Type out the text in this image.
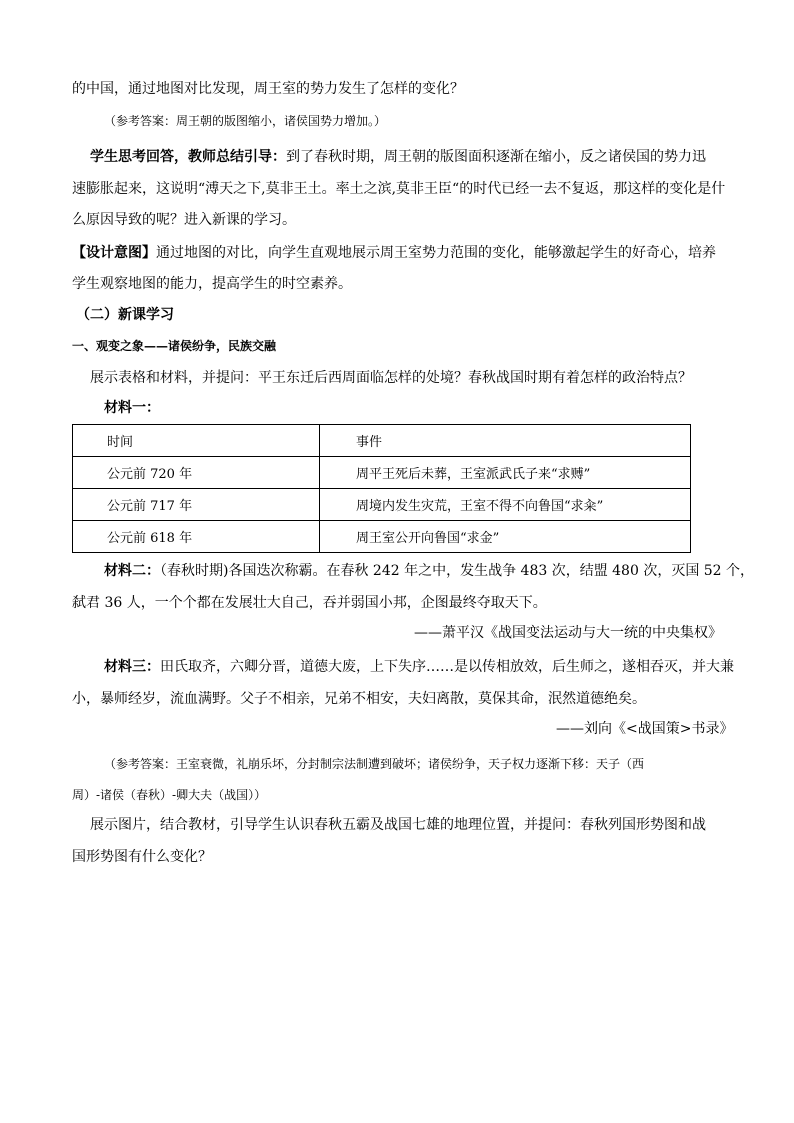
的中国，通过地图对比发现，周王室的势力发生了怎样的变化？
（参考答案：周王朝的版图缩小，诸侯国势力增加。）
学生思考回答，教师总结引导：到了春秋时期，周王朝的版图面积逐渐在缩小，反之诸侯国的势力迅
速膨胀起来，这说明“溥天之下,莫非王土。率土之滨,莫非王臣“的时代已经一去不复返，那这样的变化是什
么原因导致的呢？进入新课的学习。
【设计意图】通过地图的对比，向学生直观地展示周王室势力范围的变化，能够激起学生的好奇心，培养
学生观察地图的能力，提高学生的时空素养。
（二）新课学习
一、观变之象——诸侯纷争，民族交融
展示表格和材料，并提问：平王东迁后西周面临怎样的处境？春秋战国时期有着怎样的政治特点？
材料一：
时间	事件
公元前 720 年	周平王死后未葬，王室派武氏子来“求赙”
公元前 717 年	周境内发生灾荒，王室不得不向鲁国“求籴”
公元前 618 年	周王室公开向鲁国“求金”
材料二：（春秋时期)各国迭次称霸。在春秋 242 年之中，发生战争 483 次，结盟 480 次，灭国 52 个，
弑君 36 人，一个个都在发展壮大自己，吞并弱国小邦，企图最终夺取天下。
——萧平汉《战国变法运动与大一统的中央集权》
材料三：田氏取齐，六卿分晋，道德大废，上下失序……是以传相放效，后生师之，遂相吞灭，并大兼
小，暴师经岁，流血满野。父子不相亲，兄弟不相安，夫妇离散，莫保其命，泯然道德绝矣。
——刘向《<战国策>书录》
（参考答案：王室衰微，礼崩乐坏，分封制宗法制遭到破坏；诸侯纷争，天子权力逐渐下移：天子（西
周）-诸侯（春秋）-卿大夫（战国））
展示图片，结合教材，引导学生认识春秋五霸及战国七雄的地理位置，并提问：春秋列国形势图和战
国形势图有什么变化？
